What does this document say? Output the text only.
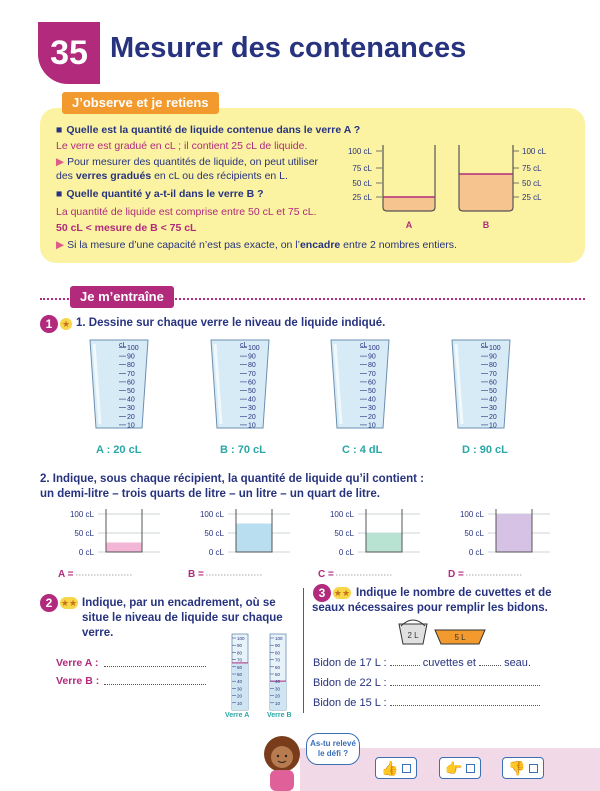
35 Mesurer des contenances
J’observe et je retiens
■ Quelle est la quantité de liquide contenue dans le verre A ?
Le verre est gradué en cL ; il contient 25 cL de liquide.
▶ Pour mesurer des quantités de liquide, on peut utiliser
des verres gradués en cL ou des récipients en L.
■ Quelle quantité y a-t-il dans le verre B ?
La quantité de liquide est comprise entre 50 cL et 75 cL.
50 cL < mesure de B < 75 cL
▶ Si la mesure d’une capacité n’est pas exacte, on l’encadre entre 2 nombres entiers.
100 cL
75 cL
50 cL
25 cL
A	B
100 cL
75 cL
50 cL
25 cL
Je m’entraîne
1	★ 1. Dessine sur chaque verre le niveau de liquide indiqué.
cL 100
90
80
70
60
50
40
30
20
10
cL 100
90
80
70
60
50
40
30
20
10
cL 100
90
80
70
60
50
40
30
20
10
cL 100
90
80
70
60
50
40
30
20
10
A : 20 cL	B : 70 cL	C : 4 dL	D : 90 cL
2. Indique, sous chaque récipient, la quantité de liquide qu’il contient :
un demi-litre – trois quarts de litre – un litre – un quart de litre.
100 cL
50 cL
0 cL
A =
100 cL
50 cL
0 cL
B =
100 cL
50 cL
0 cL
C =
100 cL
50 cL
0 cL
D =
2 ★★ Indique, par un encadrement, où se situe le niveau de liquide sur chaque verre.
Verre A :
Verre B :
100
90
80
70
60
50
40
30
20
10
100
90
80
70
60
50
40
30
20
10
Verre A	Verre B
3 ★★ Indique le nombre de cuvettes et de seaux nécessaires pour remplir les bidons.
2 L	5 L
Bidon de 17 L :	cuvettes et	seau.
Bidon de 22 L :
Bidon de 15 L :
As-tu relevé le défi ?
👍	👉	👎
